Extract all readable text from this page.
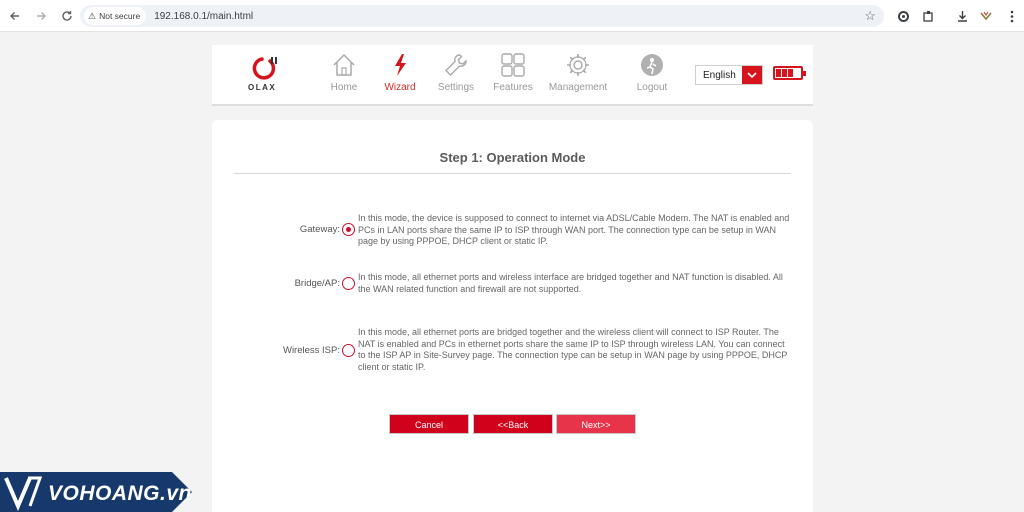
⚠ Not secure 192.168.0.1/main.html	☆
OLAX	Home	Wizard	Settings	Features	Management	Logout
English
Step 1: Operation Mode
Gateway:
In this mode, the device is supposed to connect to internet via ADSL/Cable Modem. The NAT is enabled and PCs in LAN ports share the same IP to ISP through WAN port. The connection type can be setup in WAN page by using PPPOE, DHCP client or static IP.
Bridge/AP:
In this mode, all ethernet ports and wireless interface are bridged together and NAT function is disabled. All the WAN related function and firewall are not supported.
Wireless ISP:
In this mode, all ethernet ports are bridged together and the wireless client will connect to ISP Router. The NAT is enabled and PCs in ethernet ports share the same IP to ISP through wireless LAN. You can connect to the ISP AP in Site-Survey page. The connection type can be setup in WAN page by using PPPOE, DHCP client or static IP.
Cancel	<<Back	Next>>
VOHOANG.vn
